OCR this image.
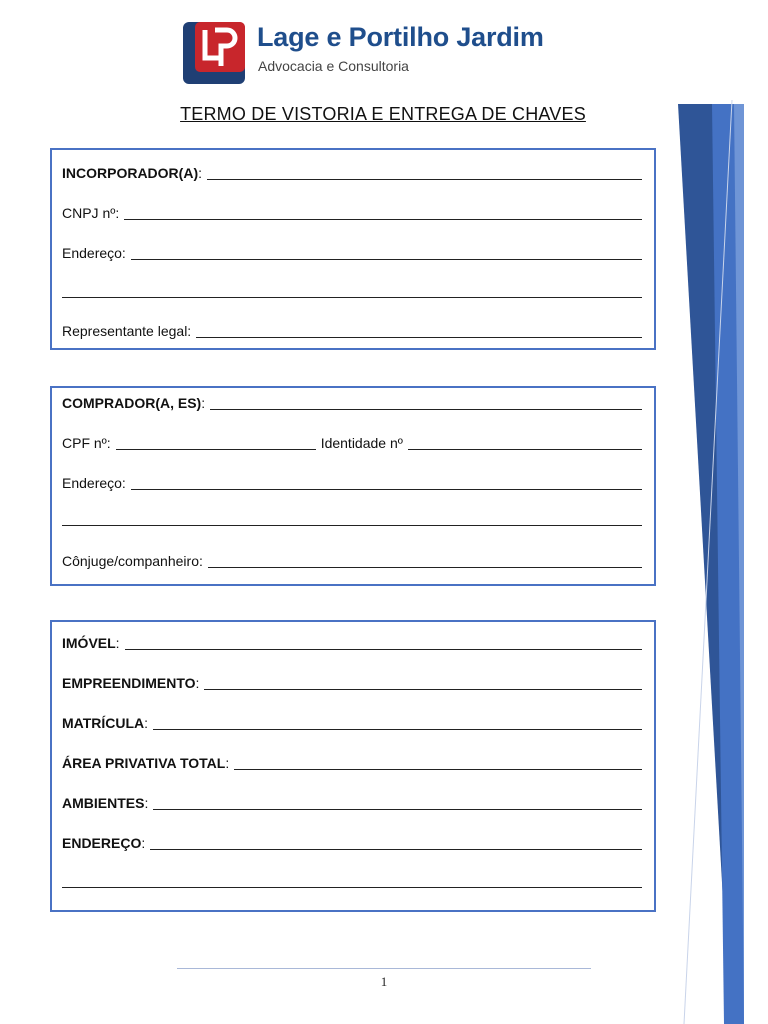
Lage e Portilho Jardim
Advocacia e Consultoria
TERMO DE VISTORIA E ENTREGA DE CHAVES
INCORPORADOR(A):
CNPJ nº:
Endereço:
Representante legal:
COMPRADOR(A, ES):
CPF nº:	Identidade nº
Endereço:
Cônjuge/companheiro:
IMÓVEL:
EMPREENDIMENTO:
MATRÍCULA:
ÁREA PRIVATIVA TOTAL:
AMBIENTES:
ENDEREÇO:
1
